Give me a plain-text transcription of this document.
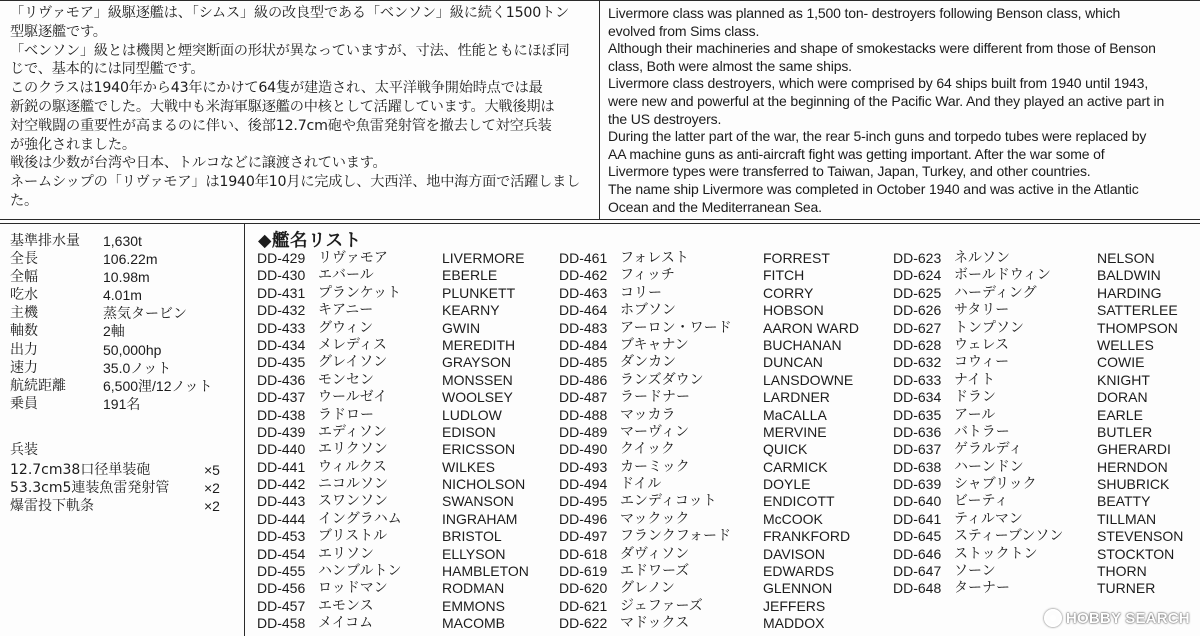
「リヴァモア」級駆逐艦は、「シムス」級の改良型である「ベンソン」級に続く1500トン

型駆逐艦です。

「ベンソン」級とは機関と煙突断面の形状が異なっていますが、寸法、性能ともにほぼ同

じで、基本的には同型艦です。

このクラスは1940年から43年にかけて64隻が建造され、太平洋戦争開始時点では最

新鋭の駆逐艦でした。大戦中も米海軍駆逐艦の中核として活躍しています。大戦後期は

対空戦闘の重要性が高まるのに伴い、後部12.7cm砲や魚雷発射管を撤去して対空兵装

が強化されました。

戦後は少数が台湾や日本、トルコなどに譲渡されています。

ネームシップの「リヴァモア」は1940年10月に完成し、大西洋、地中海方面で活躍しまし

た。

Livermore class was planned as 1,500 ton- destroyers following Benson class, which

evolved from Sims class.

Although their machineries and shape of smokestacks were different from those of Benson

class, Both were almost the same ships.

Livermore class destroyers, which were comprised by 64 ships built from 1940 until 1943,

were new and powerful at the beginning of the Pacific War. And they played an active part in

the US destroyers.

During the latter part of the war, the rear 5-inch guns and torpedo tubes were replaced by

AA machine guns as anti-aircraft fight was getting important. After the war some of

Livermore types were transferred to Taiwan, Japan, Turkey, and other countries.

The name ship Livermore was completed in October 1940 and was active in the Atlantic

Ocean and the Mediterranean Sea.

基準排水量 1,630t
全長	106.22m
全幅	10.98m
吃水	4.01m
主機	蒸気タービン
軸数	2軸
出力	50,000hp
速力	35.0ノット
航続距離	6,500浬/12ノット
乗員	191名
兵装
12.7cm38口径単装砲	×5
53.3cm5連装魚雷発射管 ×2
爆雷投下軌条	×2
◆艦名リスト
DD-429 リヴァモア	LIVERMORE
DD-430 エバール	EBERLE
DD-431 プランケット	PLUNKETT
DD-432 キアニー	KEARNY
DD-433 グウィン	GWIN
DD-434 メレディス	MEREDITH
DD-435 グレイソン	GRAYSON
DD-436 モンセン	MONSSEN
DD-437 ウールゼイ	WOOLSEY
DD-438 ラドロー	LUDLOW
DD-439 エディソン	EDISON
DD-440 エリクソン	ERICSSON
DD-441 ウィルクス	WILKES
DD-442 ニコルソン	NICHOLSON
DD-443 スワンソン	SWANSON
DD-444 イングラハム	INGRAHAM
DD-453 ブリストル	BRISTOL
DD-454 エリソン	ELLYSON
DD-455 ハンブルトン	HAMBLETON
DD-456 ロッドマン	RODMAN
DD-457 エモンス	EMMONS
DD-458 メイコム	MACOMB
DD-461 フォレスト	FORREST
DD-462 フィッチ	FITCH
DD-463 コリー	CORRY
DD-464 ホブソン	HOBSON
DD-483 アーロン・ワード AARON WARD
DD-484 ブキャナン	BUCHANAN
DD-485 ダンカン	DUNCAN
DD-486 ランズダウン	LANSDOWNE
DD-487 ラードナー	LARDNER
DD-488 マッカラ	MaCALLA
DD-489 マーヴィン	MERVINE
DD-490 クイック	QUICK
DD-493 カーミック	CARMICK
DD-494 ドイル	DOYLE
DD-495 エンディコット	ENDICOTT
DD-496 マックック	McCOOK
DD-497 フランクフォード FRANKFORD
DD-618 ダヴィソン	DAVISON
DD-619 エドワーズ	EDWARDS
DD-620 グレノン	GLENNON
DD-621 ジェファーズ	JEFFERS
DD-622 マドックス	MADDOX
DD-623 ネルソン	NELSON
DD-624 ボールドウィン	BALDWIN
DD-625 ハーディング	HARDING
DD-626 サタリー	SATTERLEE
DD-627 トンプソン	THOMPSON
DD-628 ウェレス	WELLES
DD-632 コウィー	COWIE
DD-633 ナイト	KNIGHT
DD-634 ドラン	DORAN
DD-635 アール	EARLE
DD-636 バトラー	BUTLER
DD-637 ゲラルディ	GHERARDI
DD-638 ハーンドン	HERNDON
DD-639 シャブリック	SHUBRICK
DD-640 ビーティ	BEATTY
DD-641 ティルマン	TILLMAN
DD-645 スティーブンソン STEVENSON
DD-646 ストックトン	STOCKTON
DD-647 ソーン	THORN
DD-648 ターナー	TURNER
HOBBY SEARCH
